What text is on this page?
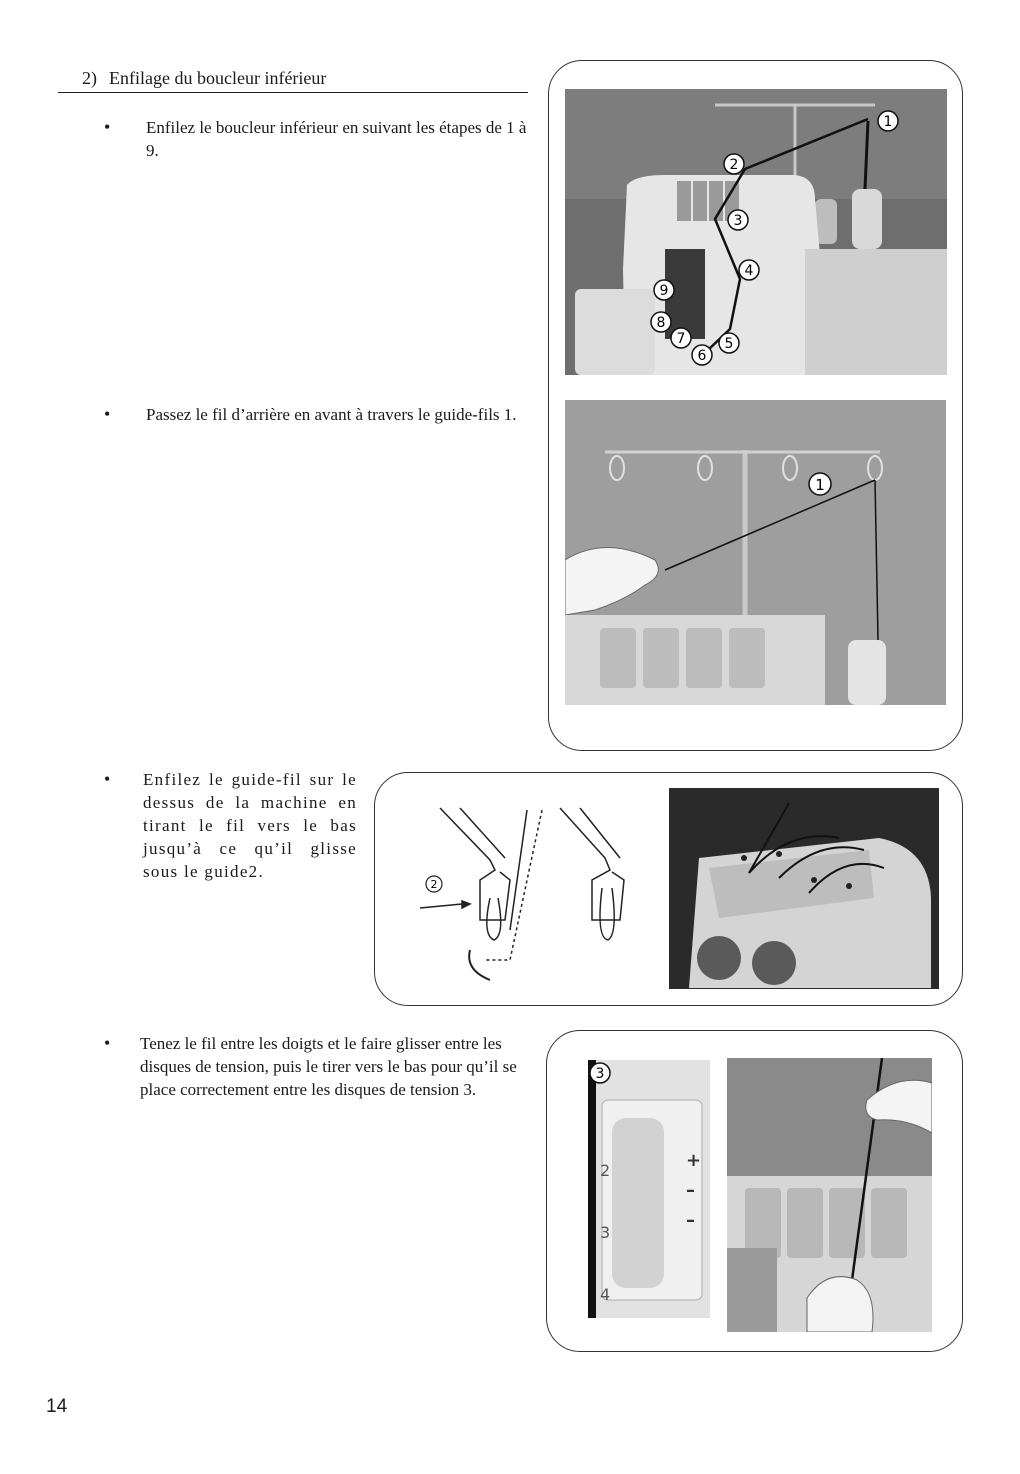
2) Enfilage du boucleur inférieur
• Enfilez le boucleur inférieur en suivant les étapes de 1 à 9.
• Passez le fil d’arrière en avant à travers le guide-fils 1.
• Enfilez le guide-fil sur le dessus de la machine en tirant le fil vers le bas jusqu’à ce qu’il glisse sous le guide2.
• Tenez le fil entre les doigts et le faire glisser entre les disques de tension, puis le tirer vers le bas pour qu’il se place correctement entre les disques de tension 3.
1
2
3
4
5
6
7
8
9
1
2
3
2
3
4
+
–
–
14
